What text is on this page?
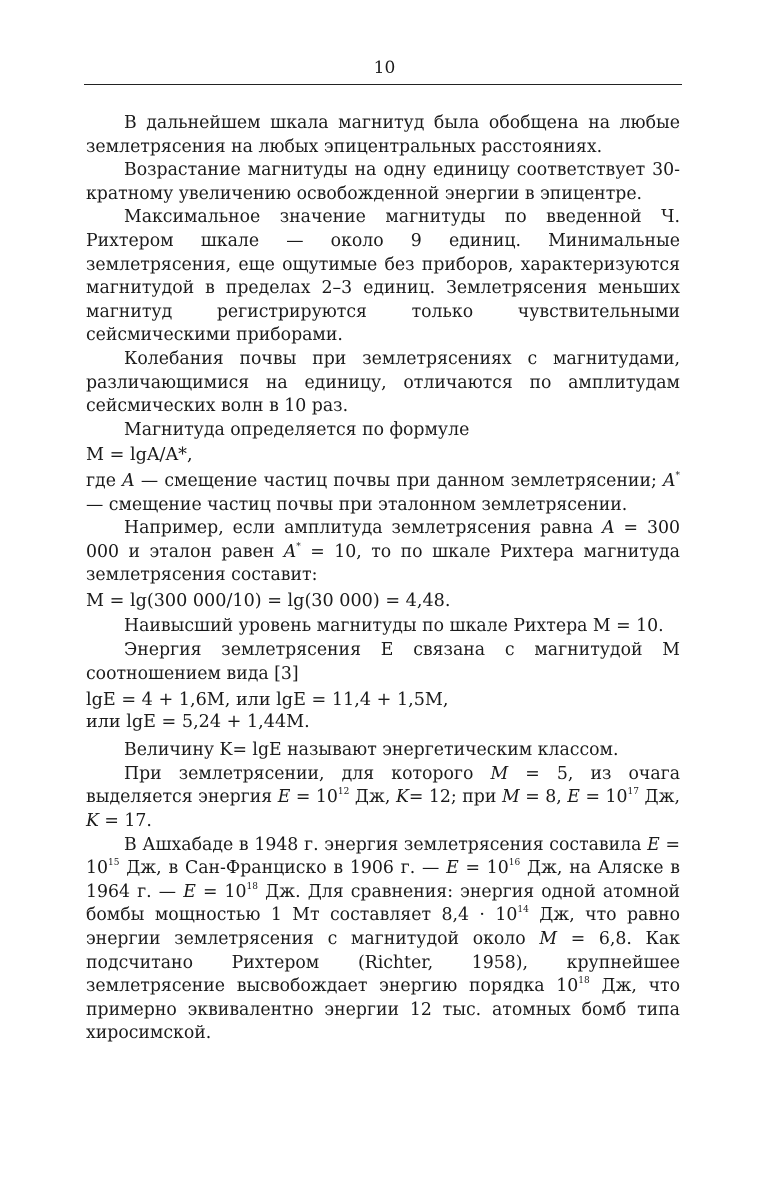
10

В дальнейшем шкала магнитуд была обобщена на любые землетрясения на любых эпицентральных расстояниях.

Возрастание магнитуды на одну единицу соответствует 30-кратному увеличению освобожденной энергии в эпицентре.

Максимальное значение магнитуды по введенной Ч. Рихтером шкале — около 9 единиц. Минимальные землетрясения, еще ощутимые без приборов, характеризуются магнитудой в пределах 2–3 единиц. Землетрясения меньших магнитуд регистрируются только чувствительными сейсмическими приборами.

Колебания почвы при землетрясениях с магнитудами, различающимися на единицу, отличаются по амплитудам сейсмических волн в 10 раз.

Магнитуда определяется по формуле

M = lgA/A*,

где A — смещение частиц почвы при данном землетрясении; A* — смещение частиц почвы при эталонном землетрясении.

Например, если амплитуда землетрясения равна A = 300 000 и эталон равен A* = 10, то по шкале Рихтера магнитуда землетрясения составит:

M = lg(300 000/10) = lg(30 000) = 4,48.

Наивысший уровень магнитуды по шкале Рихтера M = 10.

Энергия землетрясения E связана с магнитудой M соотношением вида [3]

lgE = 4 + 1,6M, или lgE = 11,4 + 1,5M,

или lgE = 5,24 + 1,44M.

Величину K= lgE называют энергетическим классом.

При землетрясении, для которого M = 5, из очага выделяется энергия $E = 10^{12}$ Дж, K= 12; при M = 8, $E = 10^{17}$ Дж, K = 17.

В Ашхабаде в 1948 г. энергия землетрясения составила $E = 10^{15}$ Дж, в Сан-Франциско в 1906 г. — $E = 10^{16}$ Дж, на Аляске в 1964 г. — $E = 10^{18}$ Дж. Для сравнения: энергия одной атомной бомбы мощностью 1 Мт составляет $8,4 \cdot 10^{14}$ Дж, что равно энергии землетрясения с магнитудой около M = 6,8. Как подсчитано Рихтером (Richter, 1958), крупнейшее землетрясение высвобождает энергию порядка $10^{18}$ Дж, что примерно эквивалентно энергии 12 тыс. атомных бомб типа хиросимской.
